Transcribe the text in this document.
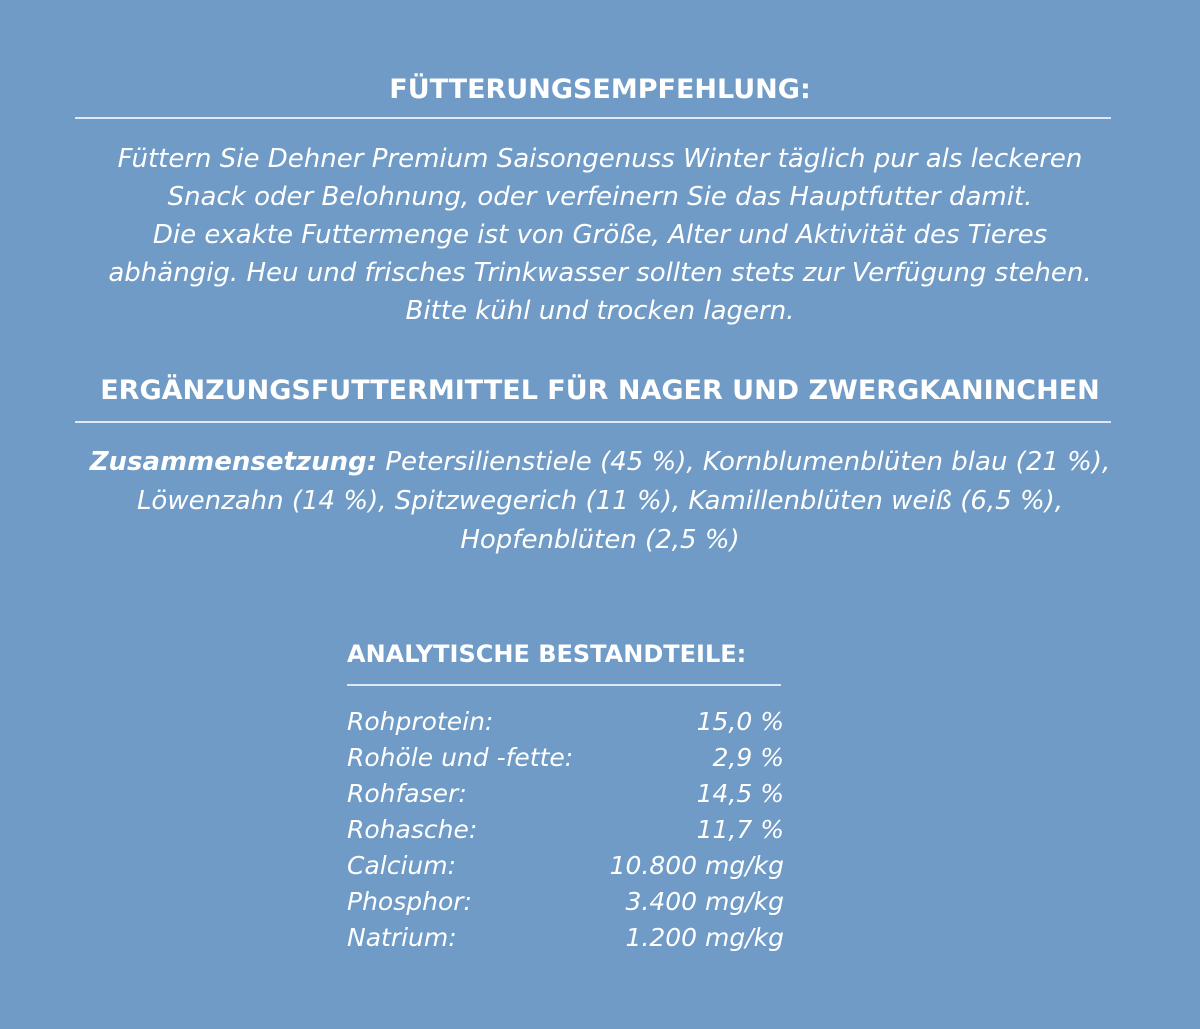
FÜTTERUNGSEMPFEHLUNG:
Füttern Sie Dehner Premium Saisongenuss Winter täglich pur als leckeren
Snack oder Belohnung, oder verfeinern Sie das Hauptfutter damit.
Die exakte Futtermenge ist von Größe, Alter und Aktivität des Tieres
abhängig. Heu und frisches Trinkwasser sollten stets zur Verfügung stehen.
Bitte kühl und trocken lagern.
ERGÄNZUNGSFUTTERMITTEL FÜR NAGER UND ZWERGKANINCHEN
Zusammensetzung: Petersilienstiele (45 %), Kornblumenblüten blau (21 %),
Löwenzahn (14 %), Spitzwegerich (11 %), Kamillenblüten weiß (6,5 %),
Hopfenblüten (2,5 %)
ANALYTISCHE BESTANDTEILE:
Rohprotein:	15,0 %
Rohöle und -fette:	2,9 %
Rohfaser:	14,5 %
Rohasche:	11,7 %
Calcium:	10.800 mg/kg
Phosphor:	3.400 mg/kg
Natrium:	1.200 mg/kg
